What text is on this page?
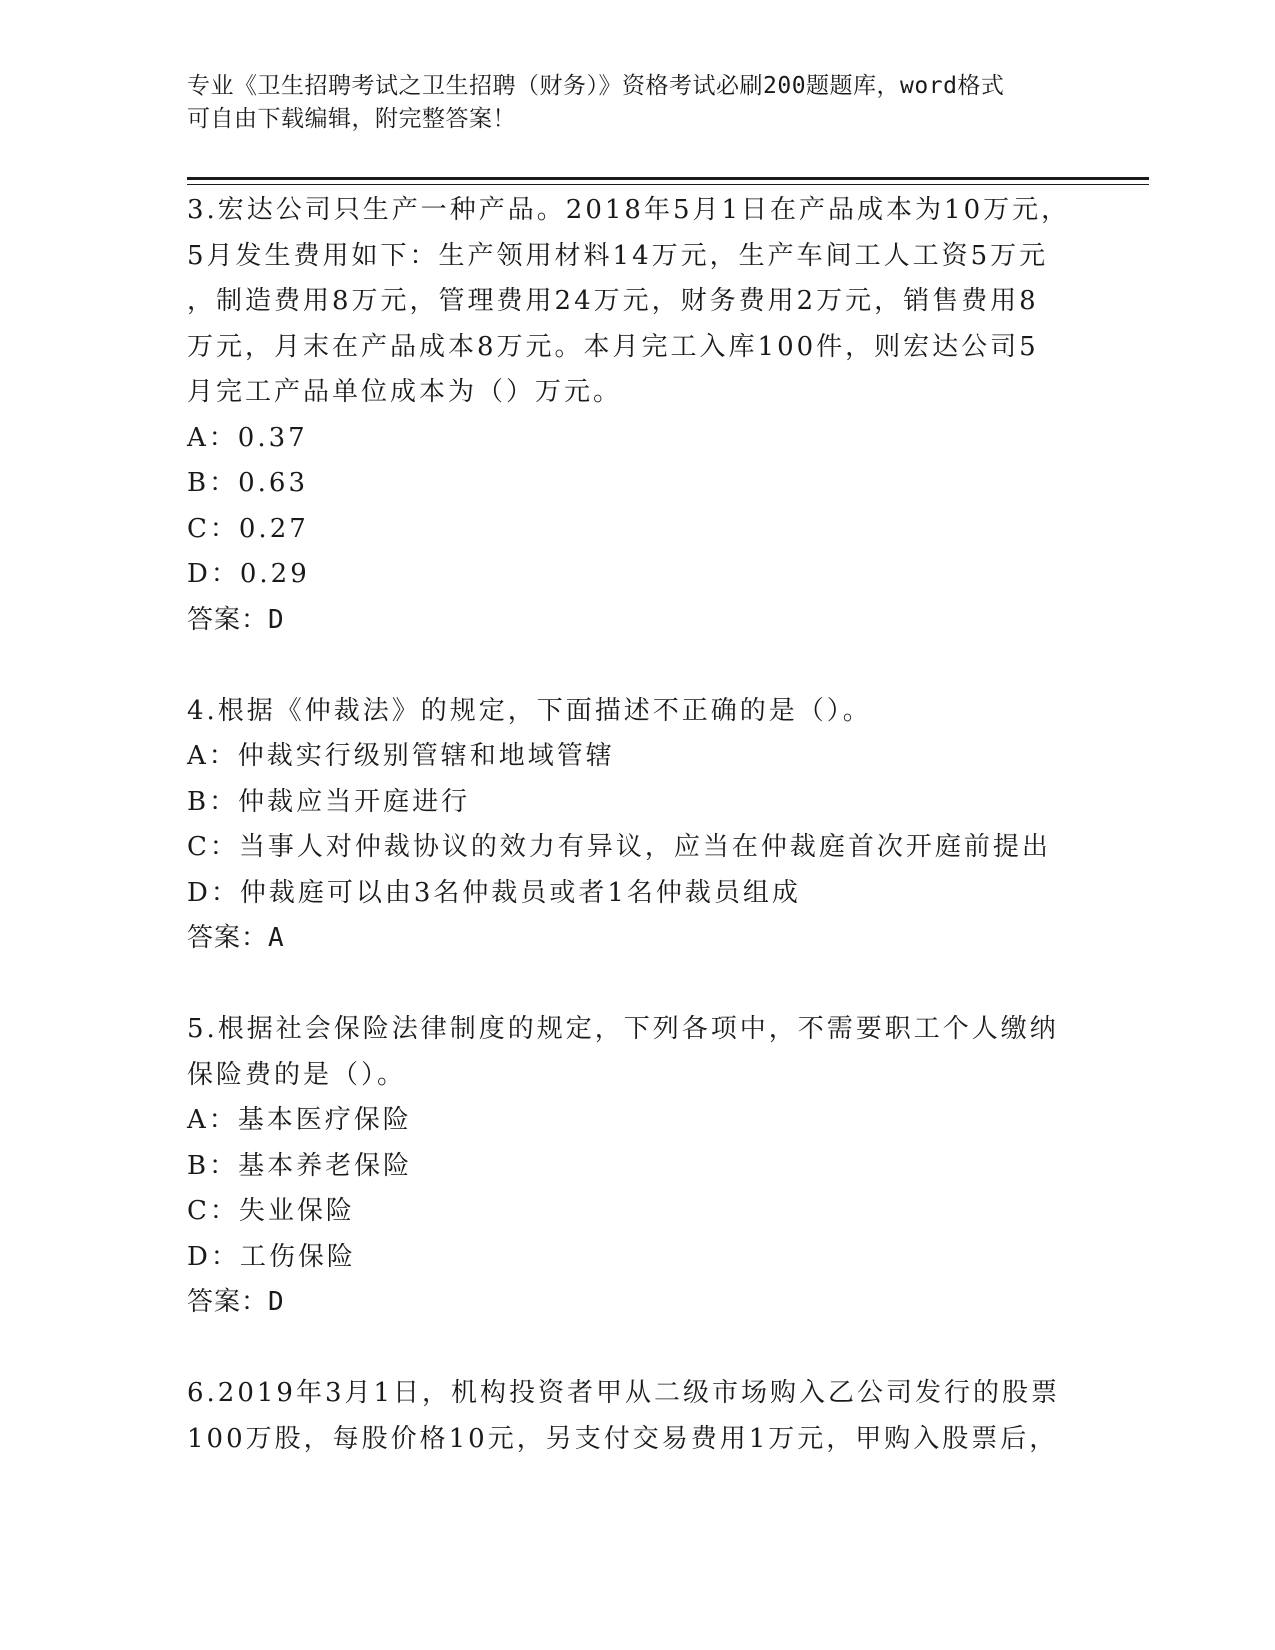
专业《卫生招聘考试之卫生招聘（财务）》资格考试必刷200题题库，word格式
可自由下载编辑，附完整答案！
3.宏达公司只生产一种产品。2018年5月1日在产品成本为10万元，
5月发生费用如下：生产领用材料14万元，生产车间工人工资5万元
，制造费用8万元，管理费用24万元，财务费用2万元，销售费用8
万元，月末在产品成本8万元。本月完工入库100件，则宏达公司5
月完工产品单位成本为（）万元。
A：0.37
B：0.63
C：0.27
D：0.29
答案：D
4.根据《仲裁法》的规定，下面描述不正确的是（）。
A：仲裁实行级别管辖和地域管辖
B：仲裁应当开庭进行
C：当事人对仲裁协议的效力有异议，应当在仲裁庭首次开庭前提出
D：仲裁庭可以由3名仲裁员或者1名仲裁员组成
答案：A
5.根据社会保险法律制度的规定，下列各项中，不需要职工个人缴纳
保险费的是（）。
A：基本医疗保险
B：基本养老保险
C：失业保险
D：工伤保险
答案：D
6.2019年3月1日，机构投资者甲从二级市场购入乙公司发行的股票
100万股，每股价格10元，另支付交易费用1万元，甲购入股票后，
